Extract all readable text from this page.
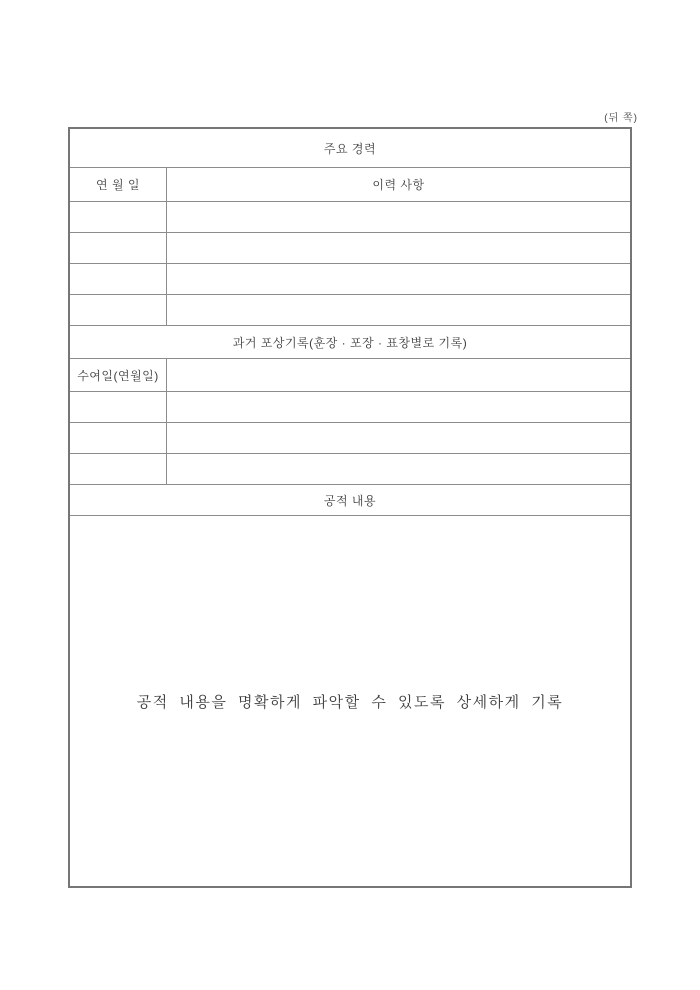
(뒤 쪽)
주요 경력
연 월 일	이력 사항
과거 포상기록(훈장 · 포장 · 표창별로 기록)
수여일(연월일)
공적 내용
공적 내용을 명확하게 파악할 수 있도록 상세하게 기록
